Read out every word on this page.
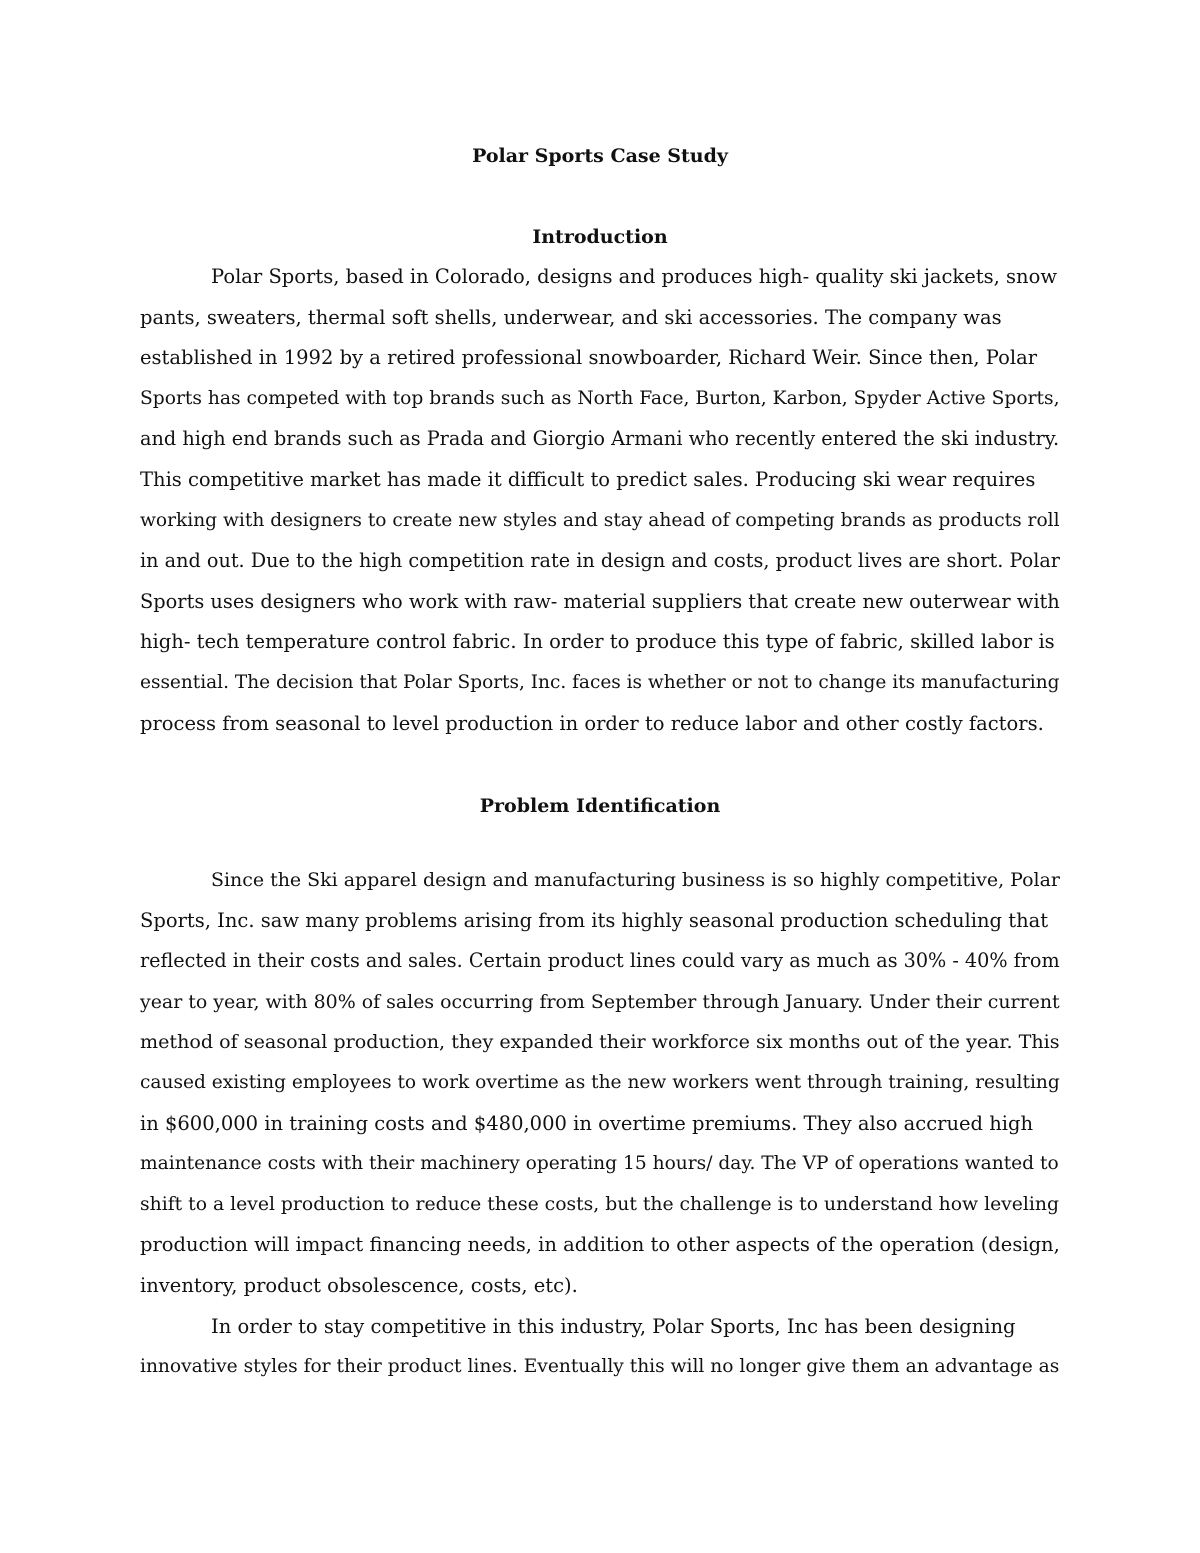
Polar Sports Case Study
Introduction
Polar Sports, based in Colorado, designs and produces high- quality ski jackets, snow
pants, sweaters, thermal soft shells, underwear, and ski accessories. The company was
established in 1992 by a retired professional snowboarder, Richard Weir. Since then, Polar
Sports has competed with top brands such as North Face, Burton, Karbon, Spyder Active Sports,
and high end brands such as Prada and Giorgio Armani who recently entered the ski industry.
This competitive market has made it difficult to predict sales. Producing ski wear requires
working with designers to create new styles and stay ahead of competing brands as products roll
in and out. Due to the high competition rate in design and costs, product lives are short. Polar
Sports uses designers who work with raw- material suppliers that create new outerwear with
high- tech temperature control fabric. In order to produce this type of fabric, skilled labor is
essential. The decision that Polar Sports, Inc. faces is whether or not to change its manufacturing
process from seasonal to level production in order to reduce labor and other costly factors.
Problem Identification
Since the Ski apparel design and manufacturing business is so highly competitive, Polar
Sports, Inc. saw many problems arising from its highly seasonal production scheduling that
reflected in their costs and sales. Certain product lines could vary as much as 30% - 40% from
year to year, with 80% of sales occurring from September through January. Under their current
method of seasonal production, they expanded their workforce six months out of the year. This
caused existing employees to work overtime as the new workers went through training, resulting
in $600,000 in training costs and $480,000 in overtime premiums. They also accrued high
maintenance costs with their machinery operating 15 hours/ day. The VP of operations wanted to
shift to a level production to reduce these costs, but the challenge is to understand how leveling
production will impact financing needs, in addition to other aspects of the operation (design,
inventory, product obsolescence, costs, etc).
In order to stay competitive in this industry, Polar Sports, Inc has been designing
innovative styles for their product lines. Eventually this will no longer give them an advantage as
